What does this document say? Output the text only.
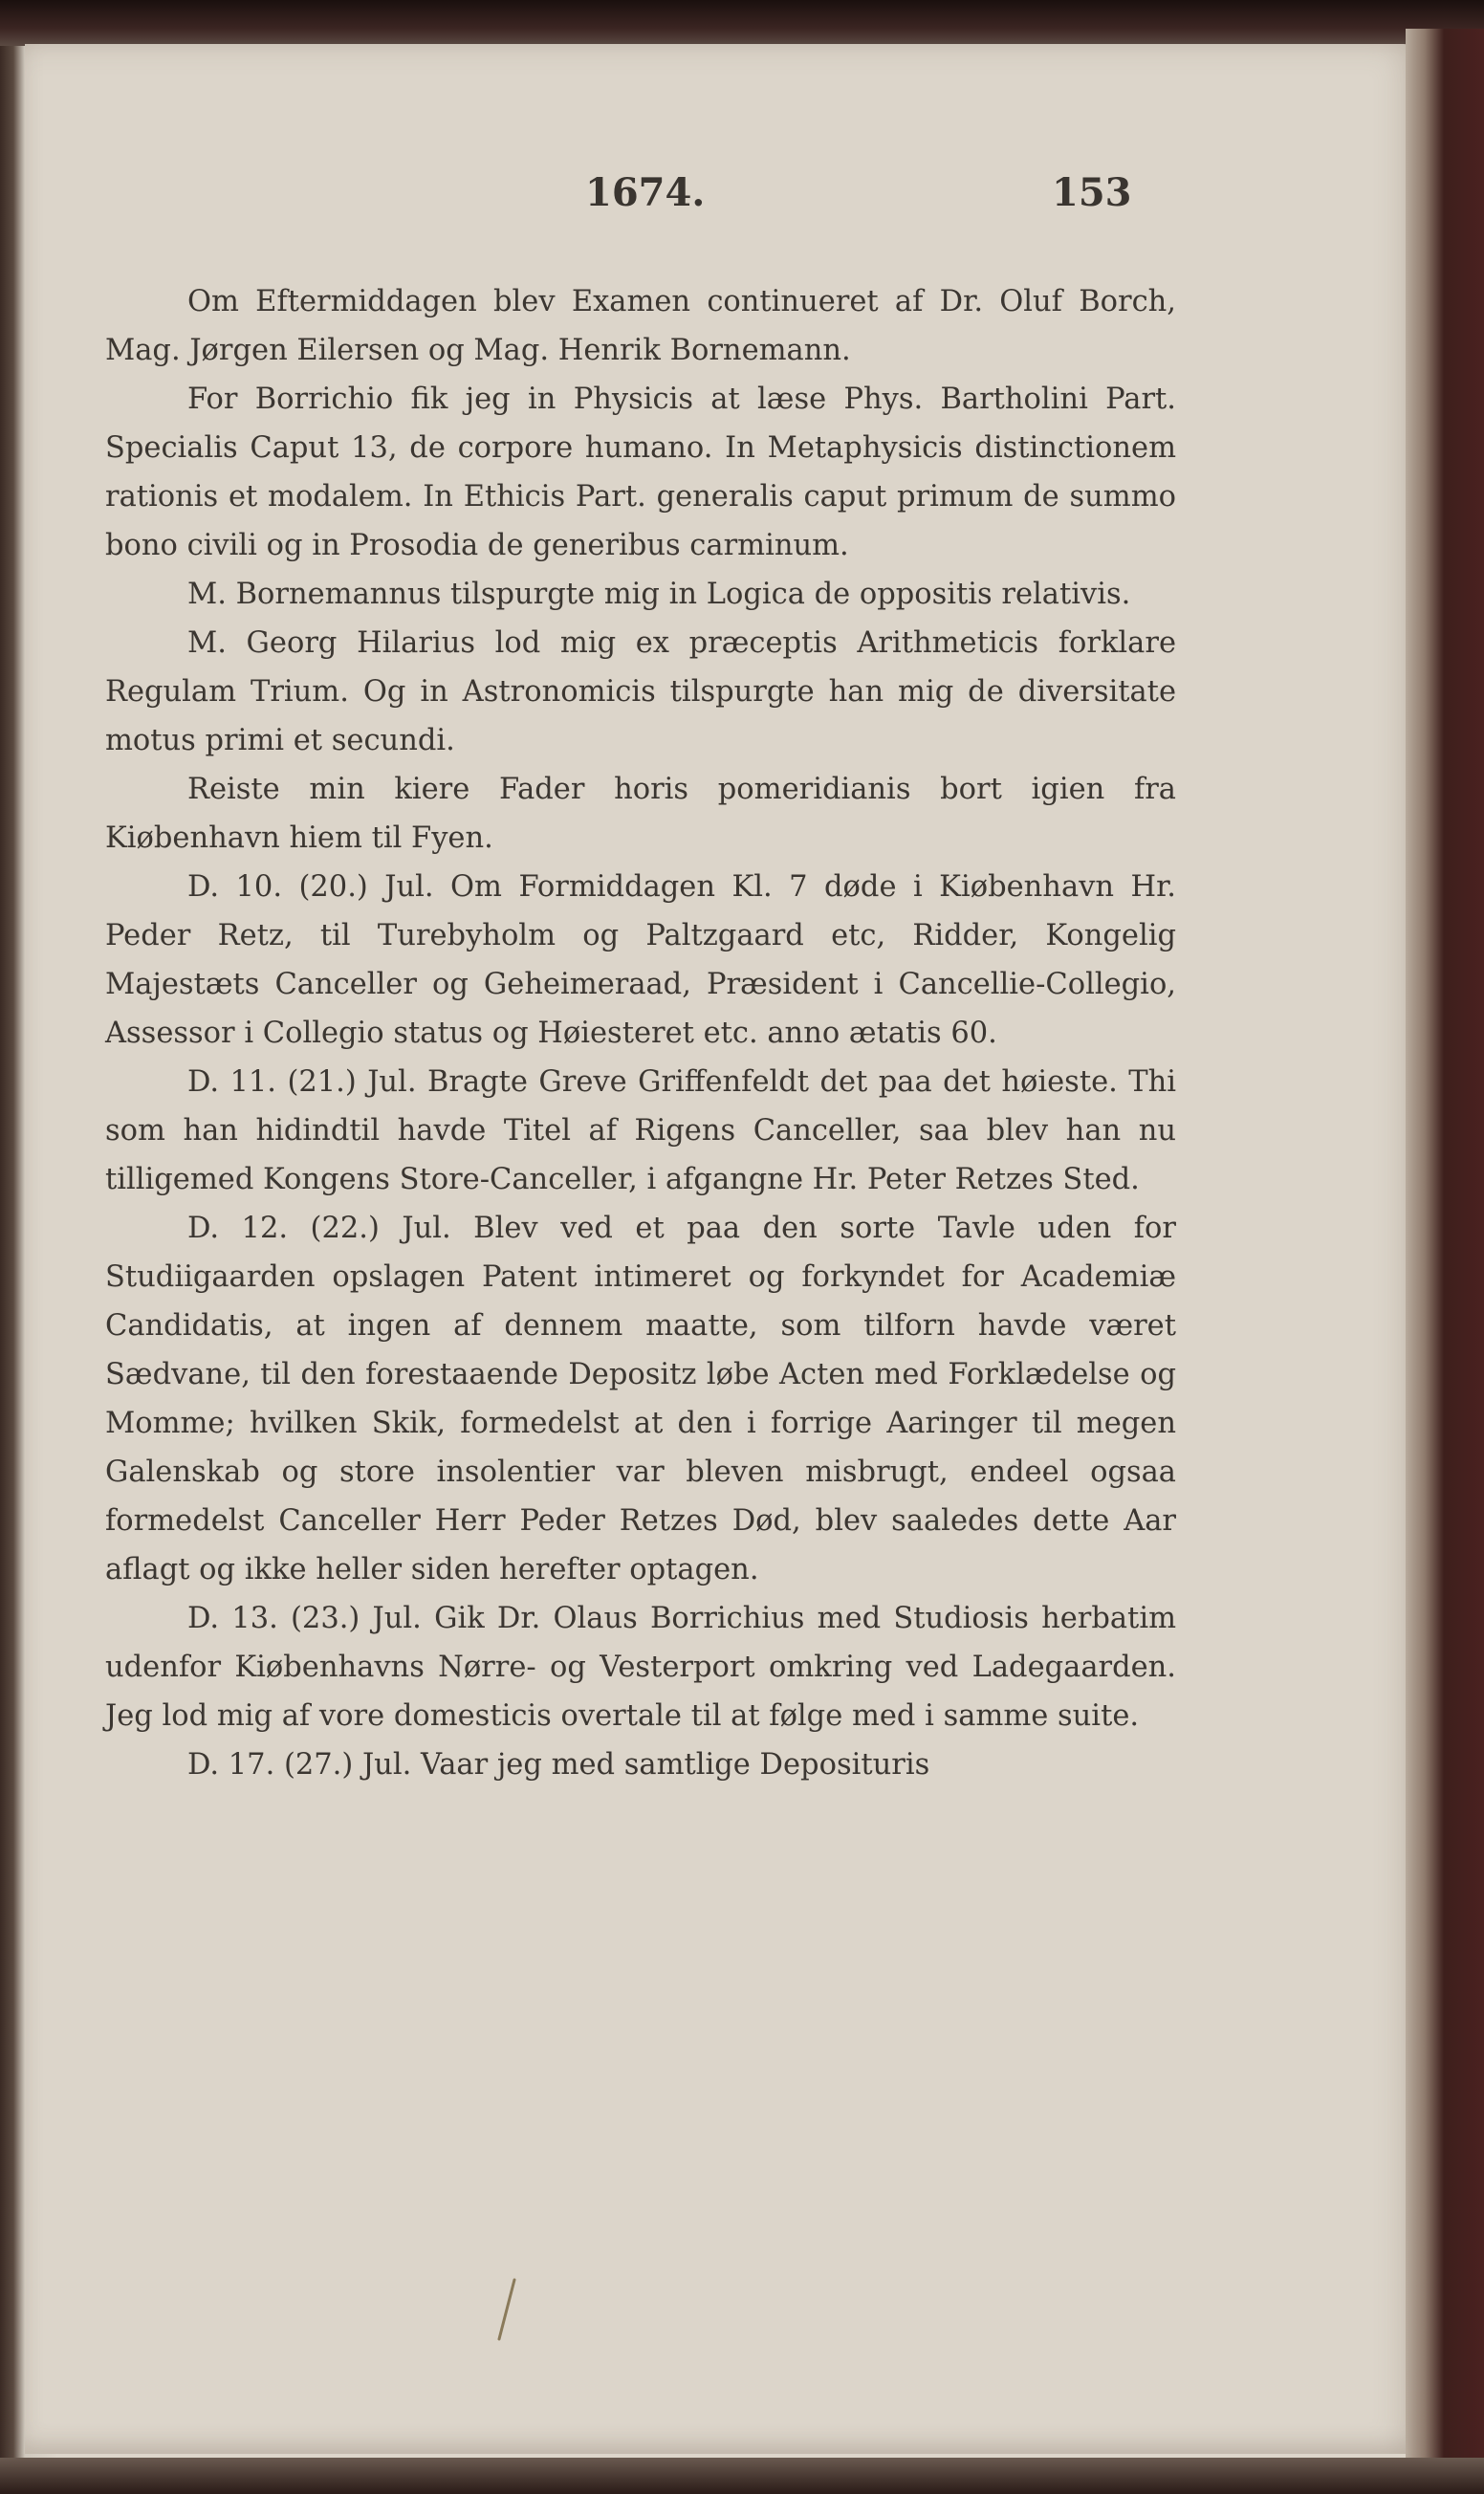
1674.	153

Om Eftermiddagen blev Examen continueret af Dr. Oluf Borch, Mag. Jørgen Eilersen og Mag. Henrik Bornemann.

For Borrichio fik jeg in Physicis at læse Phys. Bartholini Part. Specialis Caput 13, de corpore humano. In Metaphysicis distinctionem rationis et modalem. In Ethicis Part. generalis caput primum de summo bono civili og in Prosodia de generibus carminum.

M. Bornemannus tilspurgte mig in Logica de oppositis relativis.

M. Georg Hilarius lod mig ex præceptis Arithmeticis forklare Regulam Trium. Og in Astronomicis tilspurgte han mig de diversitate motus primi et secundi.

Reiste min kiere Fader horis pomeridianis bort igien fra Kiøbenhavn hiem til Fyen.

D. 10. (20.) Jul. Om Formiddagen Kl. 7 døde i Kiøbenhavn Hr. Peder Retz, til Turebyholm og Paltzgaard etc, Ridder, Kongelig Majestæts Canceller og Geheimeraad, Præsident i Cancellie-Collegio, Assessor i Collegio status og Høiesteret etc. anno ætatis 60.

D. 11. (21.) Jul. Bragte Greve Griffenfeldt det paa det høieste. Thi som han hidindtil havde Titel af Rigens Canceller, saa blev han nu tilligemed Kongens Store-Canceller, i afgangne Hr. Peter Retzes Sted.

D. 12. (22.) Jul. Blev ved et paa den sorte Tavle uden for Studiigaarden opslagen Patent intimeret og forkyndet for Academiæ Candidatis, at ingen af dennem maatte, som tilforn havde været Sædvane, til den forestaaende Depositz løbe Acten med Forklædelse og Momme; hvilken Skik, formedelst at den i forrige Aaringer til megen Galenskab og store insolentier var bleven misbrugt, endeel ogsaa formedelst Canceller Herr Peder Retzes Død, blev saaledes dette Aar aflagt og ikke heller siden herefter optagen.

D. 13. (23.) Jul. Gik Dr. Olaus Borrichius med Studiosis herbatim udenfor Kiøbenhavns Nørre- og Vesterport omkring ved Ladegaarden. Jeg lod mig af vore domesticis overtale til at følge med i samme suite.

D. 17. (27.) Jul. Vaar jeg med samtlige Deposituris
